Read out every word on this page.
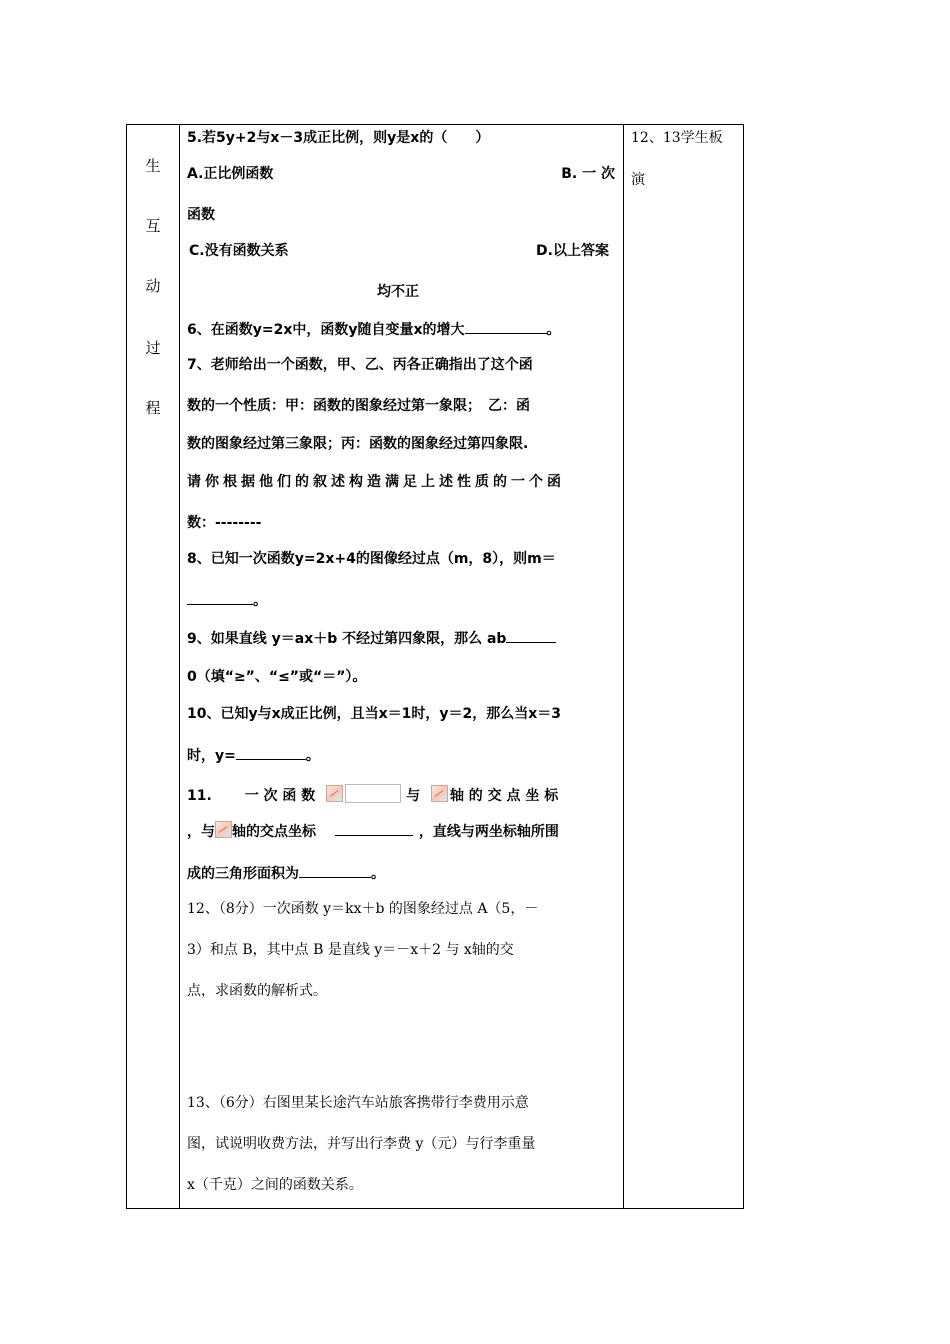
生
互
动
过
程
5.若5y+2与x－3成正比例，则y是x的（　　）
A.正比例函数	B. 一 次
函数
C.没有函数关系	D.以上答案
均不正
6、在函数y=2x中，函数y随自变量x的增大	。
7、老师给出一个函数，甲、乙、丙各正确指出了这个函
数的一个性质：甲：函数的图象经过第一象限；　乙：函
数的图象经过第三象限；丙：函数的图象经过第四象限.
请你根据他们的叙述构造满足上述性质的一个函
数：--------
8、已知一次函数y=2x+4的图像经过点（m，8），则m＝
。
9、如果直线 y＝ax＋b 不经过第四象限，那么 ab
0（填“≥”、“≤”或“＝”）。
10、已知y与x成正比例，且当x＝1时，y＝2，那么当x＝3
时，y=	。
11. 一 次 函 数	与 轴 的 交 点 坐 标
，与 轴的交点坐标	，直线与两坐标轴所围
成的三角形面积为	。
12、（8分）一次函数 y＝kx＋b 的图象经过点 A（5，－
3）和点 B，其中点 B 是直线 y＝－x＋2 与 x轴的交
点，求函数的解析式。
13、（6分）右图里某长途汽车站旅客携带行李费用示意
图，试说明收费方法，并写出行李费 y（元）与行李重量
x（千克）之间的函数关系。
12、13学生板
演
